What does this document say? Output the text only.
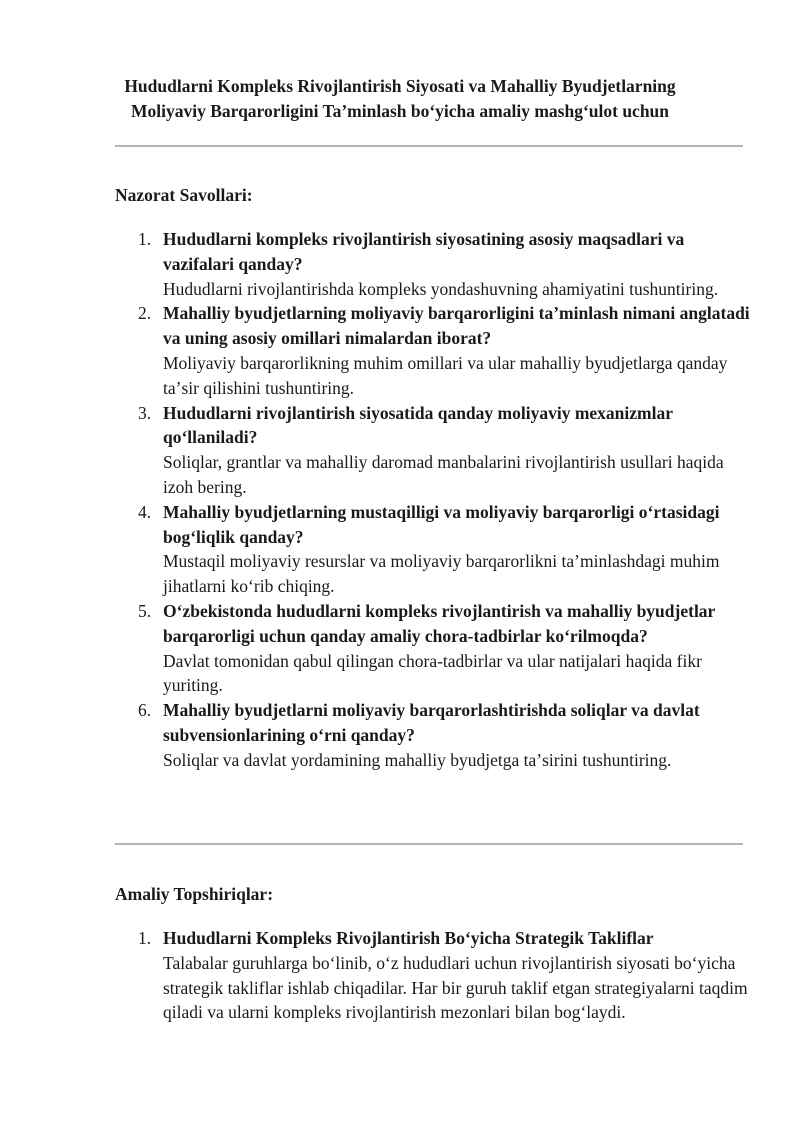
Hududlarni Kompleks Rivojlantirish Siyosati va Mahalliy Byudjetlarning
Moliyaviy Barqarorligini Taʼminlash boʻyicha amaliy mashgʻulot uchun
Nazorat Savollari:
1. Hududlarni kompleks rivojlantirish siyosatining asosiy maqsadlari va vazifalari qanday?
Hududlarni rivojlantirishda kompleks yondashuvning ahamiyatini tushuntiring.
2. Mahalliy byudjetlarning moliyaviy barqarorligini taʼminlash nimani anglatadi va uning asosiy omillari nimalardan iborat?
Moliyaviy barqarorlikning muhim omillari va ular mahalliy byudjetlarga qanday taʼsir qilishini tushuntiring.
3. Hududlarni rivojlantirish siyosatida qanday moliyaviy mexanizmlar qoʻllaniladi?
Soliqlar, grantlar va mahalliy daromad manbalarini rivojlantirish usullari haqida izoh bering.
4. Mahalliy byudjetlarning mustaqilligi va moliyaviy barqarorligi oʻrtasidagi bogʻliqlik qanday?
Mustaqil moliyaviy resurslar va moliyaviy barqarorlikni taʼminlashdagi muhim jihatlarni koʻrib chiqing.
5. Oʻzbekistonda hududlarni kompleks rivojlantirish va mahalliy byudjetlar barqarorligi uchun qanday amaliy chora-tadbirlar koʻrilmoqda?
Davlat tomonidan qabul qilingan chora-tadbirlar va ular natijalari haqida fikr yuriting.
6. Mahalliy byudjetlarni moliyaviy barqarorlashtirishda soliqlar va davlat subvensionlarining oʻrni qanday?
Soliqlar va davlat yordamining mahalliy byudjetga taʼsirini tushuntiring.
Amaliy Topshiriqlar:
1. Hududlarni Kompleks Rivojlantirish Boʻyicha Strategik Takliflar
Talabalar guruhlarga boʻlinib, oʻz hududlari uchun rivojlantirish siyosati boʻyicha strategik takliflar ishlab chiqadilar. Har bir guruh taklif etgan strategiyalarni taqdim qiladi va ularni kompleks rivojlantirish mezonlari bilan bogʻlaydi.
